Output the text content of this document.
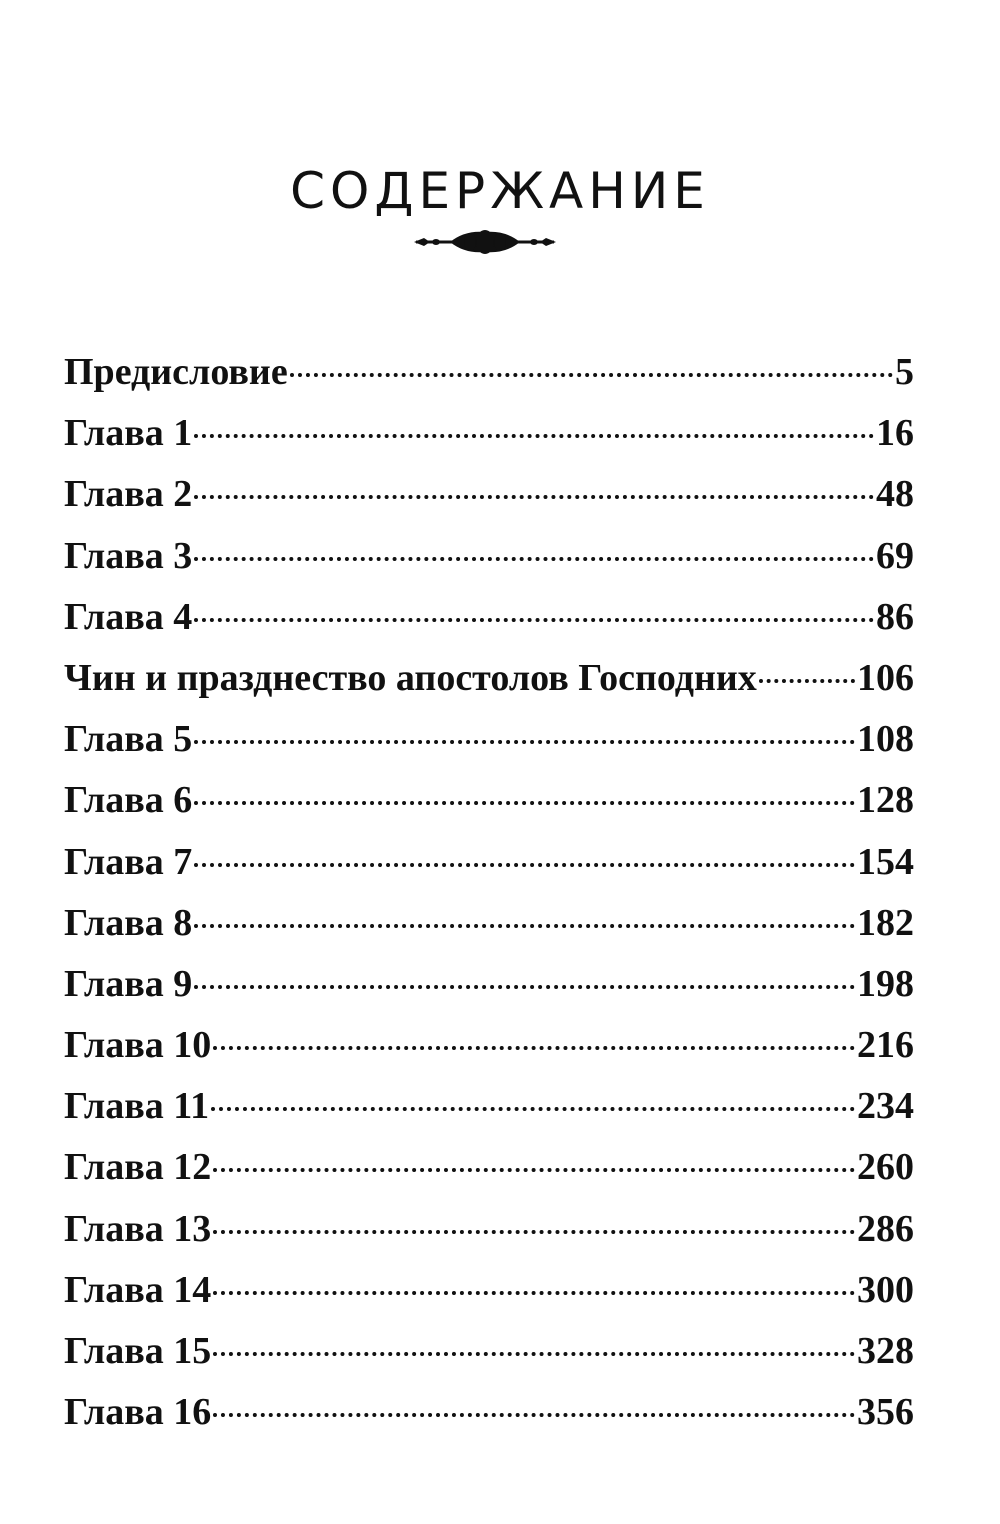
СОДЕРЖАНИЕ
Предисловие	5
Глава 1	16
Глава 2	48
Глава 3	69
Глава 4	86
Чин и празднество апостолов Господних	106
Глава 5	108
Глава 6	128
Глава 7	154
Глава 8	182
Глава 9	198
Глава 10	216
Глава 11	234
Глава 12	260
Глава 13	286
Глава 14	300
Глава 15	328
Глава 16	356
